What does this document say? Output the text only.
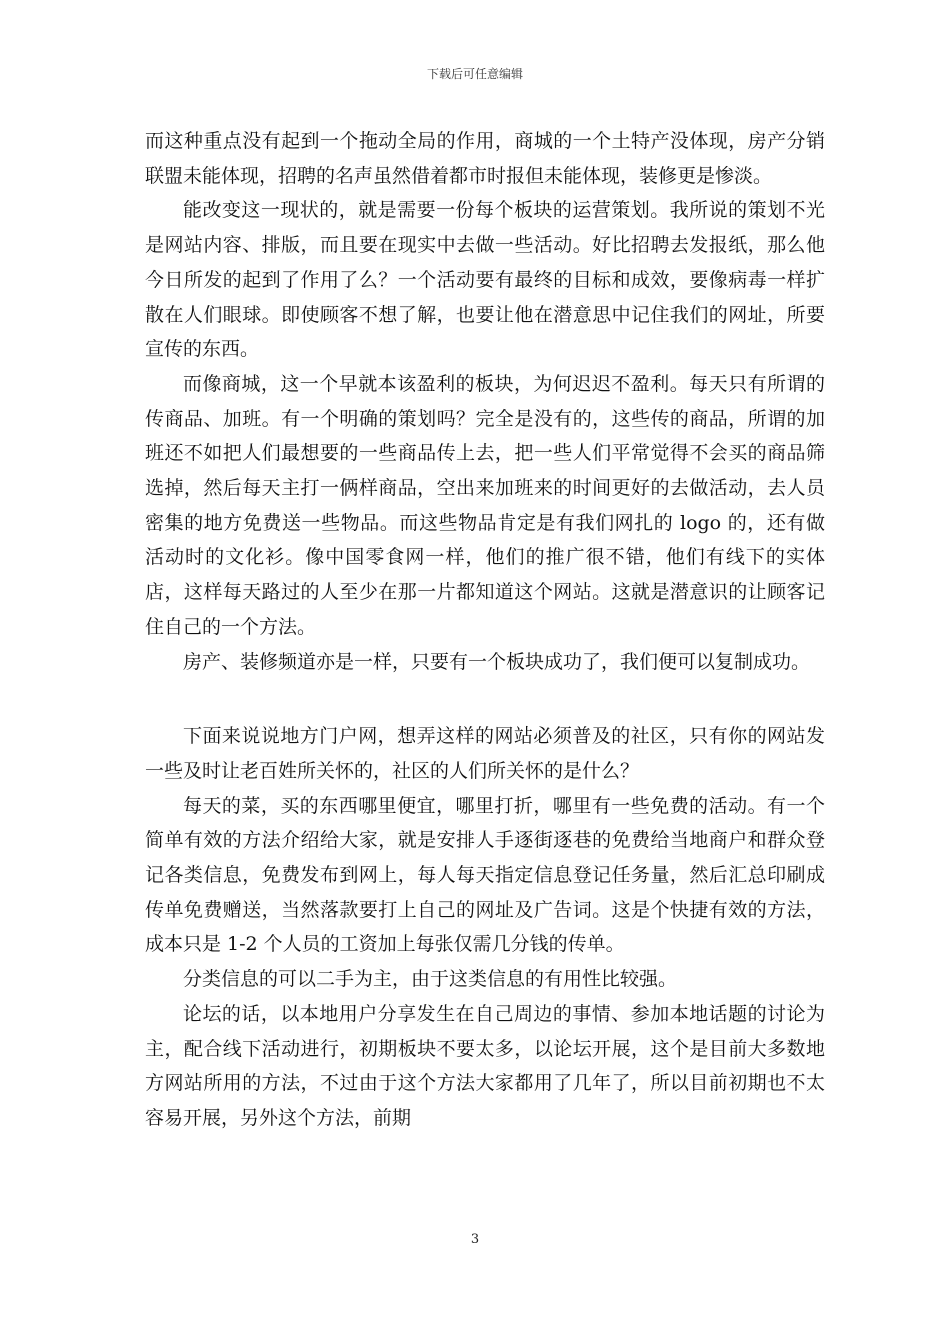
下载后可任意编辑

而这种重点没有起到一个拖动全局的作用，商城的一个土特产没体现，房产分销联盟未能体现，招聘的名声虽然借着都市时报但未能体现，装修更是惨淡。

能改变这一现状的，就是需要一份每个板块的运营策划。我所说的策划不光是网站内容、排版，而且要在现实中去做一些活动。好比招聘去发报纸，那么他今日所发的起到了作用了么？一个活动要有最终的目标和成效，要像病毒一样扩散在人们眼球。即使顾客不想了解，也要让他在潜意思中记住我们的网址，所要宣传的东西。

而像商城，这一个早就本该盈利的板块，为何迟迟不盈利。每天只有所谓的传商品、加班。有一个明确的策划吗？完全是没有的，这些传的商品，所谓的加班还不如把人们最想要的一些商品传上去，把一些人们平常觉得不会买的商品筛选掉，然后每天主打一俩样商品，空出来加班来的时间更好的去做活动，去人员密集的地方免费送一些物品。而这些物品肯定是有我们网扎的 logo 的，还有做活动时的文化衫。像中国零食网一样，他们的推广很不错，他们有线下的实体店，这样每天路过的人至少在那一片都知道这个网站。这就是潜意识的让顾客记住自己的一个方法。

房产、装修频道亦是一样，只要有一个板块成功了，我们便可以复制成功。

下面来说说地方门户网，想弄这样的网站必须普及的社区，只有你的网站发一些及时让老百姓所关怀的，社区的人们所关怀的是什么？

每天的菜，买的东西哪里便宜，哪里打折，哪里有一些免费的活动。有一个简单有效的方法介绍给大家，就是安排人手逐街逐巷的免费给当地商户和群众登记各类信息，免费发布到网上，每人每天指定信息登记任务量，然后汇总印刷成传单免费赠送，当然落款要打上自己的网址及广告词。这是个快捷有效的方法，成本只是 1-2 个人员的工资加上每张仅需几分钱的传单。

分类信息的可以二手为主，由于这类信息的有用性比较强。

论坛的话，以本地用户分享发生在自己周边的事情、参加本地话题的讨论为主，配合线下活动进行，初期板块不要太多，以论坛开展，这个是目前大多数地方网站所用的方法，不过由于这个方法大家都用了几年了，所以目前初期也不太容易开展，另外这个方法，前期

3
